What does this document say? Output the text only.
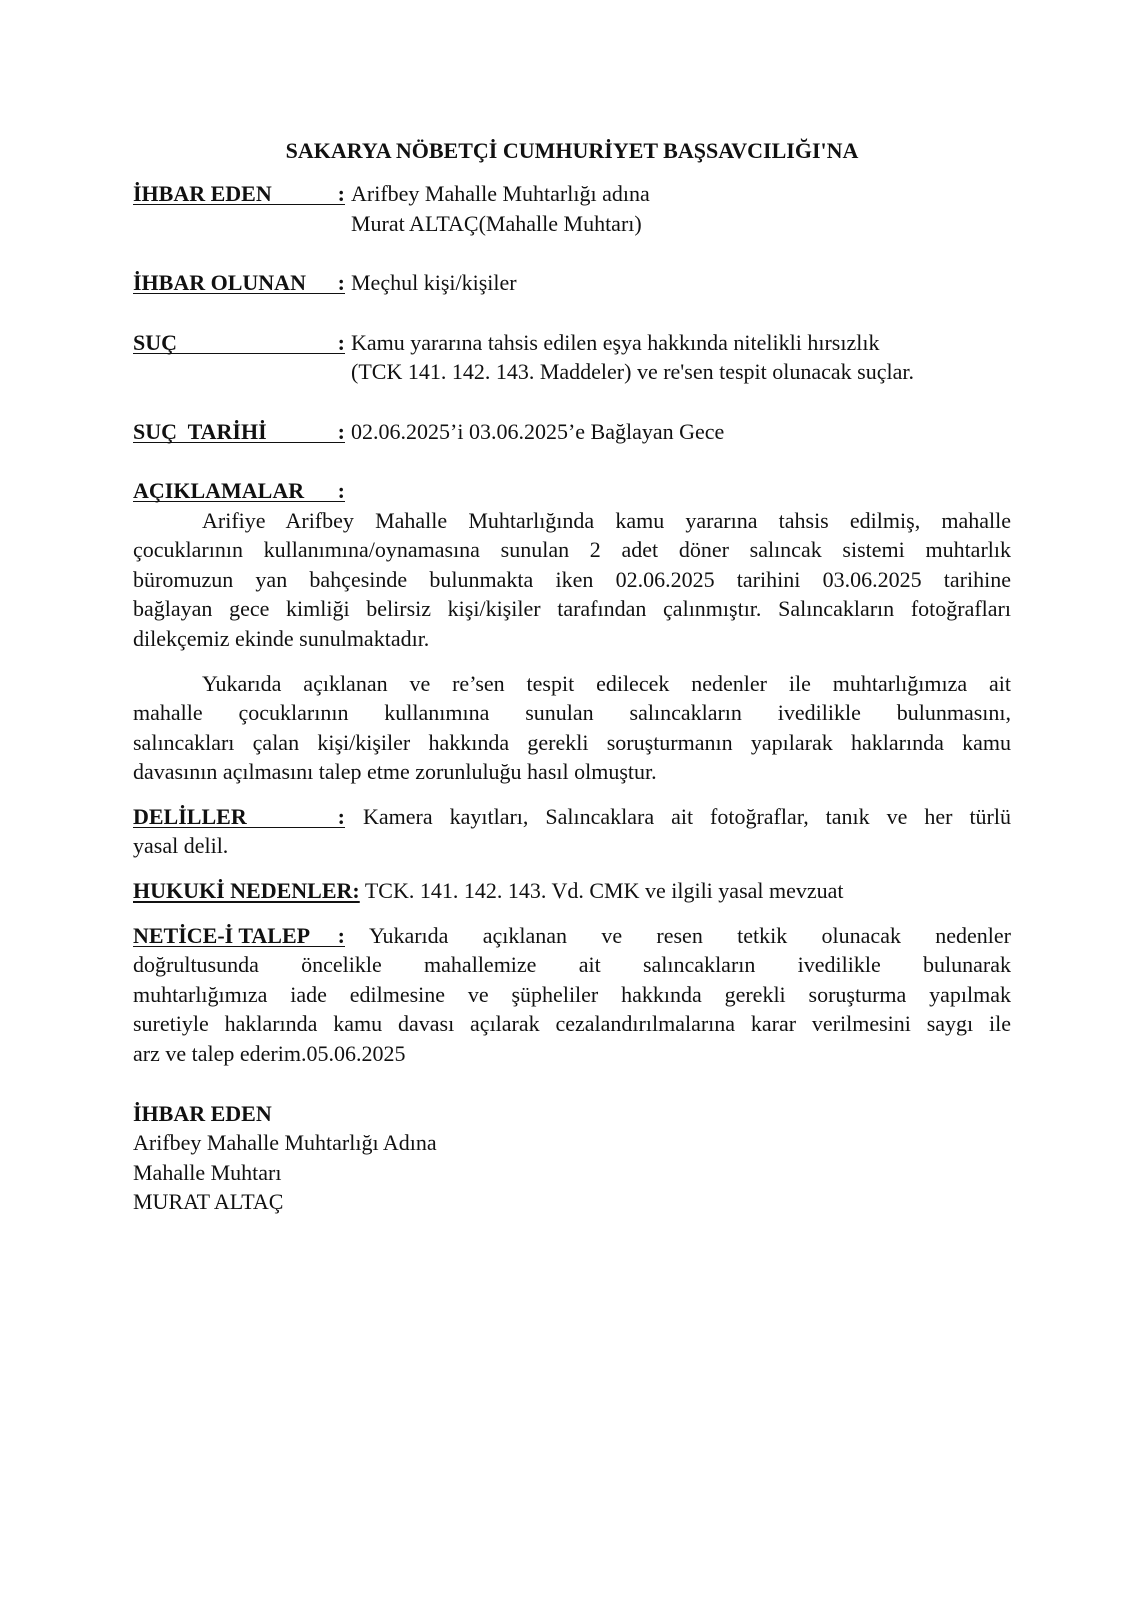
SAKARYA NÖBETÇİ CUMHURİYET BAŞSAVCILIĞI'NA
İHBAR EDEN	: Arifbey Mahalle Muhtarlığı adına
Murat ALTAÇ(Mahalle Muhtarı)
İHBAR OLUNAN : Meçhul kişi/kişiler
SUÇ	: Kamu yararına tahsis edilen eşya hakkında nitelikli hırsızlık
(TCK 141. 142. 143. Maddeler) ve re'sen tespit olunacak suçlar.
SUÇ  TARİHİ	: 02.06.2025’i 03.06.2025’e Bağlayan Gece
AÇIKLAMALAR :
Arifiye Arifbey Mahalle Muhtarlığında kamu yararına tahsis edilmiş, mahalle
çocuklarının kullanımına/oynamasına sunulan 2 adet döner salıncak sistemi muhtarlık
büromuzun yan bahçesinde bulunmakta iken 02.06.2025 tarihini 03.06.2025 tarihine
bağlayan gece kimliği belirsiz kişi/kişiler tarafından çalınmıştır. Salıncakların fotoğrafları
dilekçemiz ekinde sunulmaktadır.
Yukarıda açıklanan ve re’sen tespit edilecek nedenler ile muhtarlığımıza ait
mahalle çocuklarının kullanımına sunulan salıncakların ivedilikle bulunmasını,
salıncakları çalan kişi/kişiler hakkında gerekli soruşturmanın yapılarak haklarında kamu
davasının açılmasını talep etme zorunluluğu hasıl olmuştur.
DELİLLER	: Kamera kayıtları, Salıncaklara ait fotoğraflar, tanık ve her türlü
yasal delil.
HUKUKİ NEDENLER: TCK. 141. 142. 143. Vd. CMK ve ilgili yasal mevzuat
NETİCE-İ TALEP : Yukarıda açıklanan ve resen tetkik olunacak nedenler
doğrultusunda öncelikle mahallemize ait salıncakların ivedilikle bulunarak
muhtarlığımıza iade edilmesine ve şüpheliler hakkında gerekli soruşturma yapılmak
suretiyle haklarında kamu davası açılarak cezalandırılmalarına karar verilmesini saygı ile
arz ve talep ederim.05.06.2025
İHBAR EDEN
Arifbey Mahalle Muhtarlığı Adına
Mahalle Muhtarı
MURAT ALTAÇ
